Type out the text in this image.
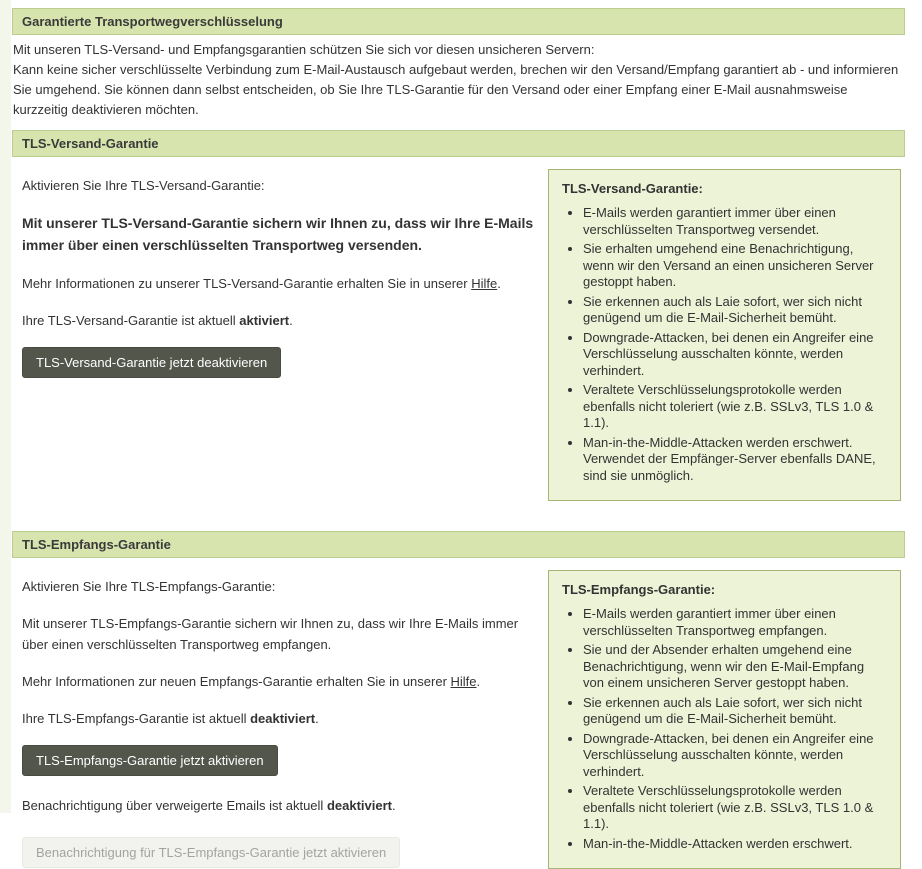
Garantierte Transportwegverschlüsselung
Mit unseren TLS-Versand- und Empfangsgarantien schützen Sie sich vor diesen unsicheren Servern:
Kann keine sicher verschlüsselte Verbindung zum E-Mail-Austausch aufgebaut werden, brechen wir den Versand/Empfang garantiert ab - und informieren Sie umgehend. Sie können dann selbst entscheiden, ob Sie Ihre TLS-Garantie für den Versand oder einer Empfang einer E-Mail ausnahmsweise kurzzeitig deaktivieren möchten.
TLS-Versand-Garantie

Aktivieren Sie Ihre TLS-Versand-Garantie:

Mit unserer TLS-Versand-Garantie sichern wir Ihnen zu, dass wir Ihre E-Mails immer über einen verschlüsselten Transportweg versenden.

Mehr Informationen zu unserer TLS-Versand-Garantie erhalten Sie in unserer Hilfe.

Ihre TLS-Versand-Garantie ist aktuell aktiviert.

TLS-Versand-Garantie jetzt deaktivieren
TLS-Versand-Garantie:
• E-Mails werden garantiert immer über einen verschlüsselten Transportweg versendet.
• Sie erhalten umgehend eine Benachrichtigung, wenn wir den Versand an einen unsicheren Server gestoppt haben.
• Sie erkennen auch als Laie sofort, wer sich nicht genügend um die E-Mail-Sicherheit bemüht.
• Downgrade-Attacken, bei denen ein Angreifer eine Verschlüsselung ausschalten könnte, werden verhindert.
• Veraltete Verschlüsselungsprotokolle werden ebenfalls nicht toleriert (wie z.B. SSLv3, TLS 1.0 & 1.1).
• Man-in-the-Middle-Attacken werden erschwert. Verwendet der Empfänger-Server ebenfalls DANE, sind sie unmöglich.
TLS-Empfangs-Garantie

Aktivieren Sie Ihre TLS-Empfangs-Garantie:

Mit unserer TLS-Empfangs-Garantie sichern wir Ihnen zu, dass wir Ihre E-Mails immer über einen verschlüsselten Transportweg empfangen.

Mehr Informationen zur neuen Empfangs-Garantie erhalten Sie in unserer Hilfe.

Ihre TLS-Empfangs-Garantie ist aktuell deaktiviert.

TLS-Empfangs-Garantie jetzt aktivieren

Benachrichtigung über verweigerte Emails ist aktuell deaktiviert.

Benachrichtigung für TLS-Empfangs-Garantie jetzt aktivieren
TLS-Empfangs-Garantie:
• E-Mails werden garantiert immer über einen verschlüsselten Transportweg empfangen.
• Sie und der Absender erhalten umgehend eine Benachrichtigung, wenn wir den E-Mail-Empfang von einem unsicheren Server gestoppt haben.
• Sie erkennen auch als Laie sofort, wer sich nicht genügend um die E-Mail-Sicherheit bemüht.
• Downgrade-Attacken, bei denen ein Angreifer eine Verschlüsselung ausschalten könnte, werden verhindert.
• Veraltete Verschlüsselungsprotokolle werden ebenfalls nicht toleriert (wie z.B. SSLv3, TLS 1.0 & 1.1).
• Man-in-the-Middle-Attacken werden erschwert.
